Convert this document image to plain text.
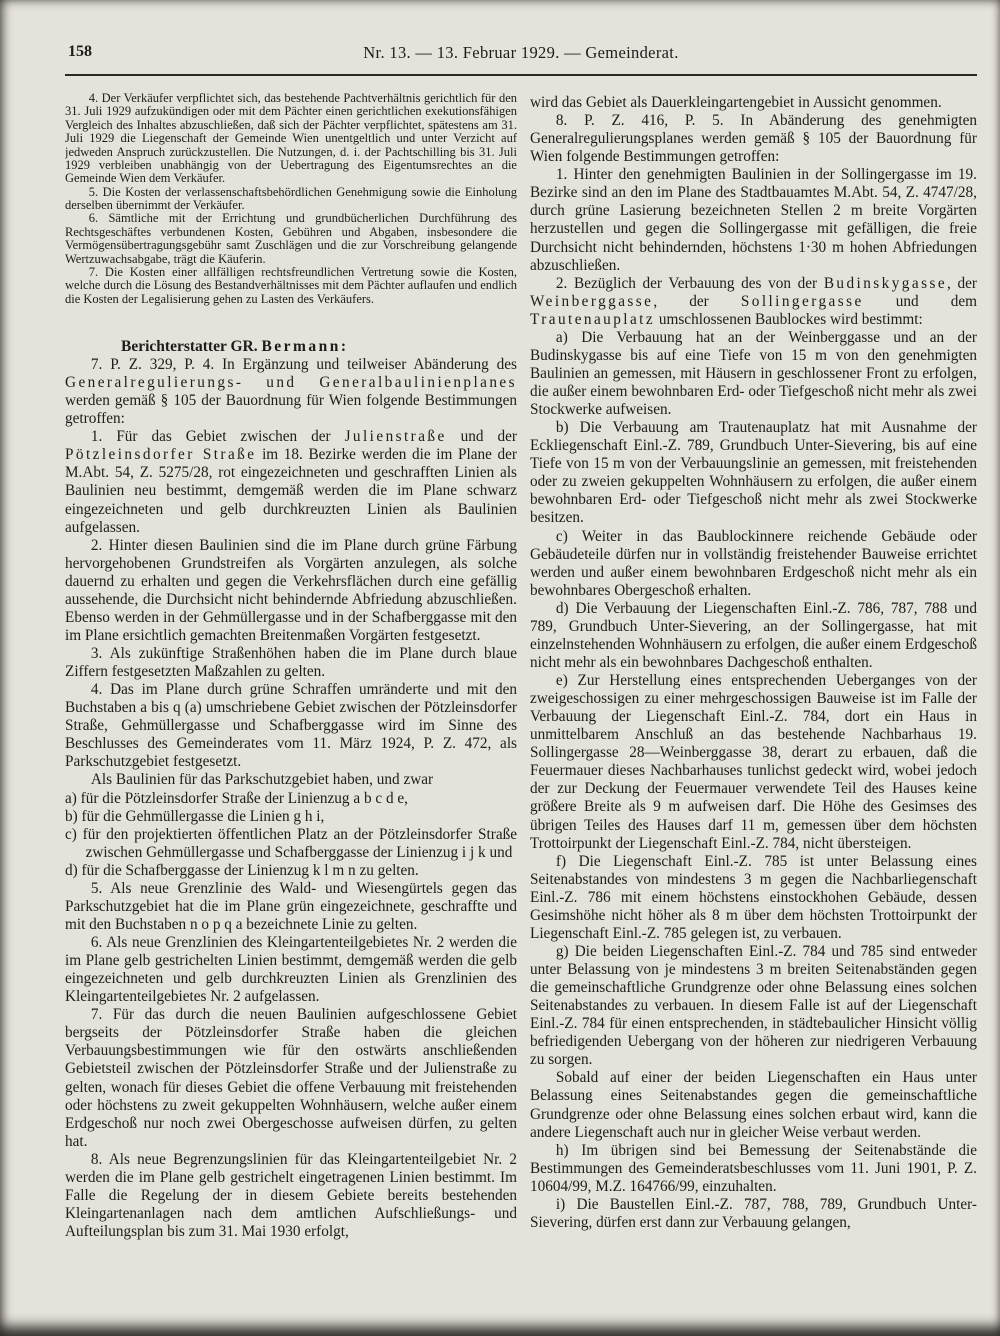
158	Nr. 13. — 13. Februar 1929. — Gemeinderat.

4. Der Verkäufer verpflichtet sich, das bestehende Pachtverhältnis gerichtlich für den 31. Juli 1929 aufzukündigen oder mit dem Pächter einen gerichtlichen exekutionsfähigen Vergleich des Inhaltes abzuschließen, daß sich der Pächter verpflichtet, spätestens am 31. Juli 1929 die Liegenschaft der Gemeinde Wien unentgeltlich und unter Verzicht auf jedweden Anspruch zurückzustellen. Die Nutzungen, d. i. der Pachtschilling bis 31. Juli 1929 verbleiben unabhängig von der Uebertragung des Eigentumsrechtes an die Gemeinde Wien dem Verkäufer.

5. Die Kosten der verlassenschaftsbehördlichen Genehmigung sowie die Einholung derselben übernimmt der Verkäufer.

6. Sämtliche mit der Errichtung und grundbücherlichen Durchführung des Rechtsgeschäftes verbundenen Kosten, Gebühren und Abgaben, insbesondere die Vermögensübertragungsgebühr samt Zuschlägen und die zur Vorschreibung gelangende Wertzuwachsabgabe, trägt die Käuferin.

7. Die Kosten einer allfälligen rechtsfreundlichen Vertretung sowie die Kosten, welche durch die Lösung des Bestandverhältnisses mit dem Pächter auflaufen und endlich die Kosten der Legalisierung gehen zu Lasten des Verkäufers.

Berichterstatter GR. Bermann:

7. P. Z. 329, P. 4. In Ergänzung und teilweiser Abänderung des Generalregulierungs- und Generalbaulinienplanes werden gemäß § 105 der Bauordnung für Wien folgende Bestimmungen getroffen:

1. Für das Gebiet zwischen der Julienstraße und der Pötzleinsdorfer Straße im 18. Bezirke werden die im Plane der M.Abt. 54, Z. 5275/28, rot eingezeichneten und geschrafften Linien als Baulinien neu bestimmt, demgemäß werden die im Plane schwarz eingezeichneten und gelb durchkreuzten Linien als Baulinien aufgelassen.

2. Hinter diesen Baulinien sind die im Plane durch grüne Färbung hervorgehobenen Grundstreifen als Vorgärten anzulegen, als solche dauernd zu erhalten und gegen die Verkehrsflächen durch eine gefällig aussehende, die Durchsicht nicht behindernde Abfriedung abzuschließen. Ebenso werden in der Gehmüllergasse und in der Schafberggasse mit den im Plane ersichtlich gemachten Breitenmaßen Vorgärten festgesetzt.

3. Als zukünftige Straßenhöhen haben die im Plane durch blaue Ziffern festgesetzten Maßzahlen zu gelten.

4. Das im Plane durch grüne Schraffen umränderte und mit den Buchstaben a bis q (a) umschriebene Gebiet zwischen der Pötzleinsdorfer Straße, Gehmüllergasse und Schafberggasse wird im Sinne des Beschlusses des Gemeinderates vom 11. März 1924, P. Z. 472, als Parkschutzgebiet festgesetzt.

Als Baulinien für das Parkschutzgebiet haben, und zwar

a) für die Pötzleinsdorfer Straße der Linienzug a b c d e,

b) für die Gehmüllergasse die Linien g h i,

c) für den projektierten öffentlichen Platz an der Pötzleinsdorfer Straße zwischen Gehmüllergasse und Schafberggasse der Linienzug i j k und

d) für die Schafberggasse der Linienzug k l m n zu gelten.

5. Als neue Grenzlinie des Wald- und Wiesengürtels gegen das Parkschutzgebiet hat die im Plane grün eingezeichnete, geschraffte und mit den Buchstaben n o p q a bezeichnete Linie zu gelten.

6. Als neue Grenzlinien des Kleingartenteilgebietes Nr. 2 werden die im Plane gelb gestrichelten Linien bestimmt, demgemäß werden die gelb eingezeichneten und gelb durchkreuzten Linien als Grenzlinien des Kleingartenteilgebietes Nr. 2 aufgelassen.

7. Für das durch die neuen Baulinien aufgeschlossene Gebiet bergseits der Pötzleinsdorfer Straße haben die gleichen Verbauungsbestimmungen wie für den ostwärts anschließenden Gebietsteil zwischen der Pötzleinsdorfer Straße und der Julienstraße zu gelten, wonach für dieses Gebiet die offene Verbauung mit freistehenden oder höchstens zu zweit gekuppelten Wohnhäusern, welche außer einem Erdgeschoß nur noch zwei Obergeschosse aufweisen dürfen, zu gelten hat.

8. Als neue Begrenzungslinien für das Kleingartenteilgebiet Nr. 2 werden die im Plane gelb gestrichelt eingetragenen Linien bestimmt. Im Falle die Regelung der in diesem Gebiete bereits bestehenden Kleingartenanlagen nach dem amtlichen Aufschließungs- und Aufteilungsplan bis zum 31. Mai 1930 erfolgt,

wird das Gebiet als Dauerkleingartengebiet in Aussicht genommen.

8. P. Z. 416, P. 5. In Abänderung des genehmigten Generalregulierungsplanes werden gemäß § 105 der Bauordnung für Wien folgende Bestimmungen getroffen:

1. Hinter den genehmigten Baulinien in der Sollingergasse im 19. Bezirke sind an den im Plane des Stadtbauamtes M.Abt. 54, Z. 4747/28, durch grüne Lasierung bezeichneten Stellen 2 m breite Vorgärten herzustellen und gegen die Sollingergasse mit gefälligen, die freie Durchsicht nicht behindernden, höchstens 1·30 m hohen Abfriedungen abzuschließen.

2. Bezüglich der Verbauung des von der Budinskygasse, der Weinberggasse, der Sollingergasse und dem Trautenauplatz umschlossenen Baublockes wird bestimmt:

a) Die Verbauung hat an der Weinberggasse und an der Budinskygasse bis auf eine Tiefe von 15 m von den genehmigten Baulinien an gemessen, mit Häusern in geschlossener Front zu erfolgen, die außer einem bewohnbaren Erd- oder Tiefgeschoß nicht mehr als zwei Stockwerke aufweisen.

b) Die Verbauung am Trautenauplatz hat mit Ausnahme der Eckliegenschaft Einl.-Z. 789, Grundbuch Unter-Sievering, bis auf eine Tiefe von 15 m von der Verbauungslinie an gemessen, mit freistehenden oder zu zweien gekuppelten Wohnhäusern zu erfolgen, die außer einem bewohnbaren Erd- oder Tiefgeschoß nicht mehr als zwei Stockwerke besitzen.

c) Weiter in das Baublockinnere reichende Gebäude oder Gebäudeteile dürfen nur in vollständig freistehender Bauweise errichtet werden und außer einem bewohnbaren Erdgeschoß nicht mehr als ein bewohnbares Obergeschoß erhalten.

d) Die Verbauung der Liegenschaften Einl.-Z. 786, 787, 788 und 789, Grundbuch Unter-Sievering, an der Sollingergasse, hat mit einzelnstehenden Wohnhäusern zu erfolgen, die außer einem Erdgeschoß nicht mehr als ein bewohnbares Dachgeschoß enthalten.

e) Zur Herstellung eines entsprechenden Ueberganges von der zweigeschossigen zu einer mehrgeschossigen Bauweise ist im Falle der Verbauung der Liegenschaft Einl.-Z. 784, dort ein Haus in unmittelbarem Anschluß an das bestehende Nachbarhaus 19. Sollingergasse 28—Weinberggasse 38, derart zu erbauen, daß die Feuermauer dieses Nachbarhauses tunlichst gedeckt wird, wobei jedoch der zur Deckung der Feuermauer verwendete Teil des Hauses keine größere Breite als 9 m aufweisen darf. Die Höhe des Gesimses des übrigen Teiles des Hauses darf 11 m, gemessen über dem höchsten Trottoirpunkt der Liegenschaft Einl.-Z. 784, nicht übersteigen.

f) Die Liegenschaft Einl.-Z. 785 ist unter Belassung eines Seitenabstandes von mindestens 3 m gegen die Nachbarliegenschaft Einl.-Z. 786 mit einem höchstens einstockhohen Gebäude, dessen Gesimshöhe nicht höher als 8 m über dem höchsten Trottoirpunkt der Liegenschaft Einl.-Z. 785 gelegen ist, zu verbauen.

g) Die beiden Liegenschaften Einl.-Z. 784 und 785 sind entweder unter Belassung von je mindestens 3 m breiten Seitenabständen gegen die gemeinschaftliche Grundgrenze oder ohne Belassung eines solchen Seitenabstandes zu verbauen. In diesem Falle ist auf der Liegenschaft Einl.-Z. 784 für einen entsprechenden, in städtebaulicher Hinsicht völlig befriedigenden Uebergang von der höheren zur niedrigeren Verbauung zu sorgen.

Sobald auf einer der beiden Liegenschaften ein Haus unter Belassung eines Seitenabstandes gegen die gemeinschaftliche Grundgrenze oder ohne Belassung eines solchen erbaut wird, kann die andere Liegenschaft auch nur in gleicher Weise verbaut werden.

h) Im übrigen sind bei Bemessung der Seitenabstände die Bestimmungen des Gemeinderatsbeschlusses vom 11. Juni 1901, P. Z. 10604/99, M.Z. 164766/99, einzuhalten.

i) Die Baustellen Einl.-Z. 787, 788, 789, Grundbuch Unter-Sievering, dürfen erst dann zur Verbauung gelangen,
